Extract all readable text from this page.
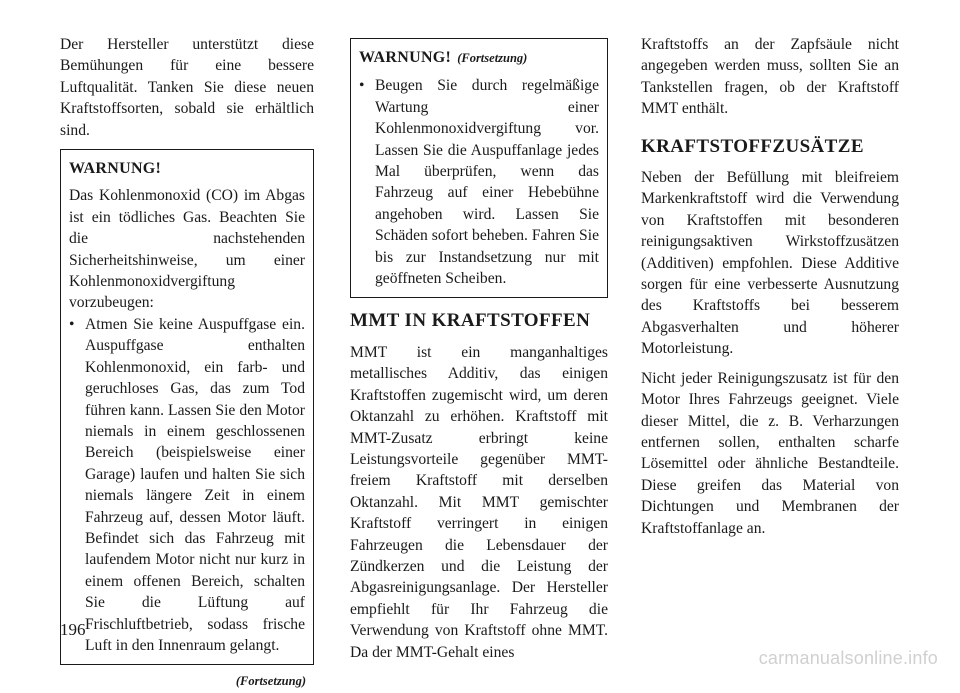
Der Hersteller unterstützt diese Bemühungen für eine bessere Luftqualität. Tanken Sie diese neuen Kraftstoffsorten, sobald sie erhältlich sind.

WARNUNG!

Das Kohlenmonoxid (CO) im Abgas ist ein tödliches Gas. Beachten Sie die nachstehenden Sicherheitshinweise, um einer Kohlenmonoxidvergiftung vorzubeugen:

• Atmen Sie keine Auspuffgase ein. Auspuffgase enthalten Kohlenmonoxid, ein farb- und geruchloses Gas, das zum Tod führen kann. Lassen Sie den Motor niemals in einem geschlossenen Bereich (beispielsweise einer Garage) laufen und halten Sie sich niemals längere Zeit in einem Fahrzeug auf, dessen Motor läuft. Befindet sich das Fahrzeug mit laufendem Motor nicht nur kurz in einem offenen Bereich, schalten Sie die Lüftung auf Frischluftbetrieb, sodass frische Luft in den Innenraum gelangt.
(Fortsetzung)
WARNUNG! (Fortsetzung)
• Beugen Sie durch regelmäßige Wartung einer Kohlenmonoxidvergiftung vor. Lassen Sie die Auspuffanlage jedes Mal überprüfen, wenn das Fahrzeug auf einer Hebebühne angehoben wird. Lassen Sie Schäden sofort beheben. Fahren Sie bis zur Instandsetzung nur mit geöffneten Scheiben.
MMT IN KRAFTSTOFFEN

MMT ist ein manganhaltiges metallisches Additiv, das einigen Kraftstoffen zugemischt wird, um deren Oktanzahl zu erhöhen. Kraftstoff mit MMT-Zusatz erbringt keine Leistungsvorteile gegenüber MMT-freiem Kraftstoff mit derselben Oktanzahl. Mit MMT gemischter Kraftstoff verringert in einigen Fahrzeugen die Lebensdauer der Zündkerzen und die Leistung der Abgasreinigungsanlage. Der Hersteller empfiehlt für Ihr Fahrzeug die Verwendung von Kraftstoff ohne MMT. Da der MMT-Gehalt eines

Kraftstoffs an der Zapfsäule nicht angegeben werden muss, sollten Sie an Tankstellen fragen, ob der Kraftstoff MMT enthält.

KRAFTSTOFFZUSÄTZE

Neben der Befüllung mit bleifreiem Markenkraftstoff wird die Verwendung von Kraftstoffen mit besonderen reinigungsaktiven Wirkstoffzusätzen (Additiven) empfohlen. Diese Additive sorgen für eine verbesserte Ausnutzung des Kraftstoffs bei besserem Abgasverhalten und höherer Motorleistung.

Nicht jeder Reinigungszusatz ist für den Motor Ihres Fahrzeugs geeignet. Viele dieser Mittel, die z. B. Verharzungen entfernen sollen, enthalten scharfe Lösemittel oder ähnliche Bestandteile. Diese greifen das Material von Dichtungen und Membranen der Kraftstoffanlage an.

196
carmanualsonline.info
